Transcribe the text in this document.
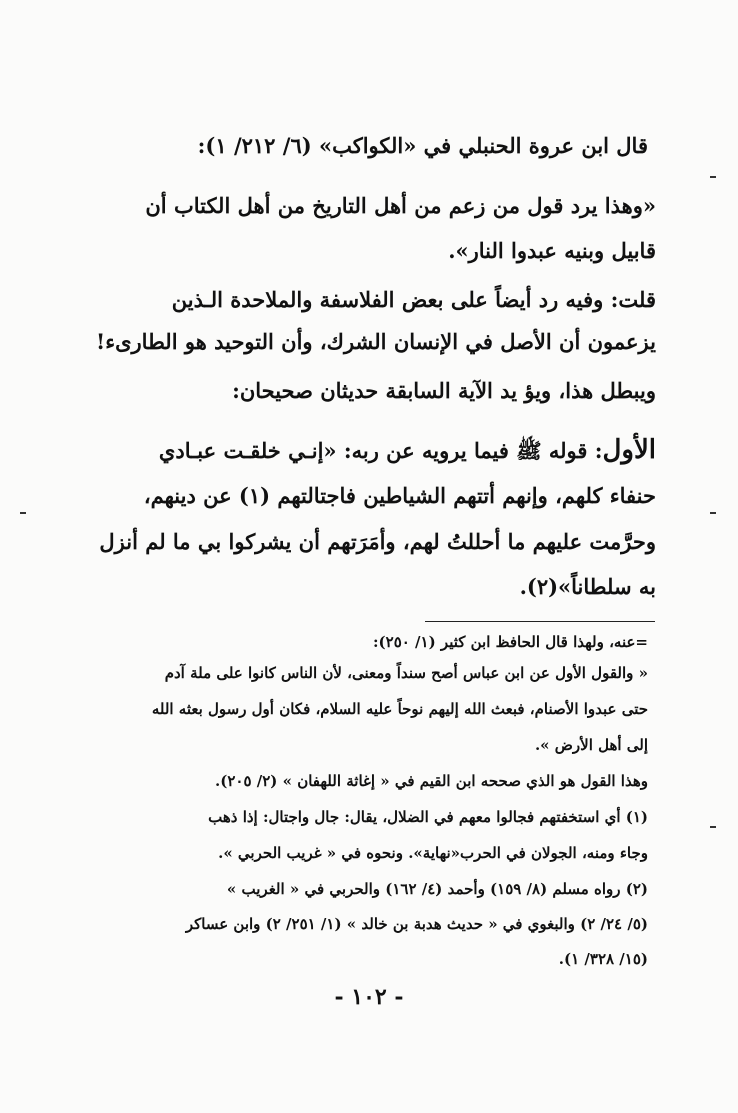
قال ابن عروة الحنبلي في «الكواكب» (٦/ ٢١٢/ ١):
«وهذا يرد قول من زعم من أهل التاريخ من أهل الكتاب أن
قابيل وبنيه عبدوا النار».
قلت: وفيه رد أيضاً على بعض الفلاسفة والملاحدة الـذين
يزعمون أن الأصل في الإنسان الشرك، وأن التوحيد هو الطارىء!
ويبطل هذا، ويؤ يد الآية السابقة حديثان صحيحان:
الأول: قوله ﷺ فيما يرويه عن ربه: «إنـي خلقـت عبـادي
حنفاء كلهم، وإنهم أتتهم الشياطين فاجتالتهم (١) عن دينهم،
وحرَّمت عليهم ما أحللتُ لهم، وأمَرَتهم أن يشركوا بي ما لم أنزل
به سلطاناً»(٢).
=عنه، ولهذا قال الحافظ ابن كثير (١/ ٢٥٠):
« والقول الأول عن ابن عباس أصح سنداً ومعنى، لأن الناس كانوا على ملة آدم
حتى عبدوا الأصنام، فبعث الله إليهم نوحاً عليه السلام، فكان أول رسول بعثه الله
إلى أهل الأرض ».
وهذا القول هو الذي صححه ابن القيم في « إغاثة اللهفان » (٢/ ٢٠٥).
(١) أي استخفتهم فجالوا معهم في الضلال، يقال: جال واجتال: إذا ذهب
وجاء ومنه، الجولان في الحرب«نهاية». ونحوه في « غريب الحربي ».
(٢) رواه مسلم (٨/ ١٥٩) وأحمد (٤/ ١٦٢) والحربي في « الغريب »
(٥/ ٢٤/ ٢) والبغوي في « حديث هدبة بن خالد » (١/ ٢٥١/ ٢) وابن عساكر
(١٥/ ٣٢٨/ ١).
- ١٠٢ -
